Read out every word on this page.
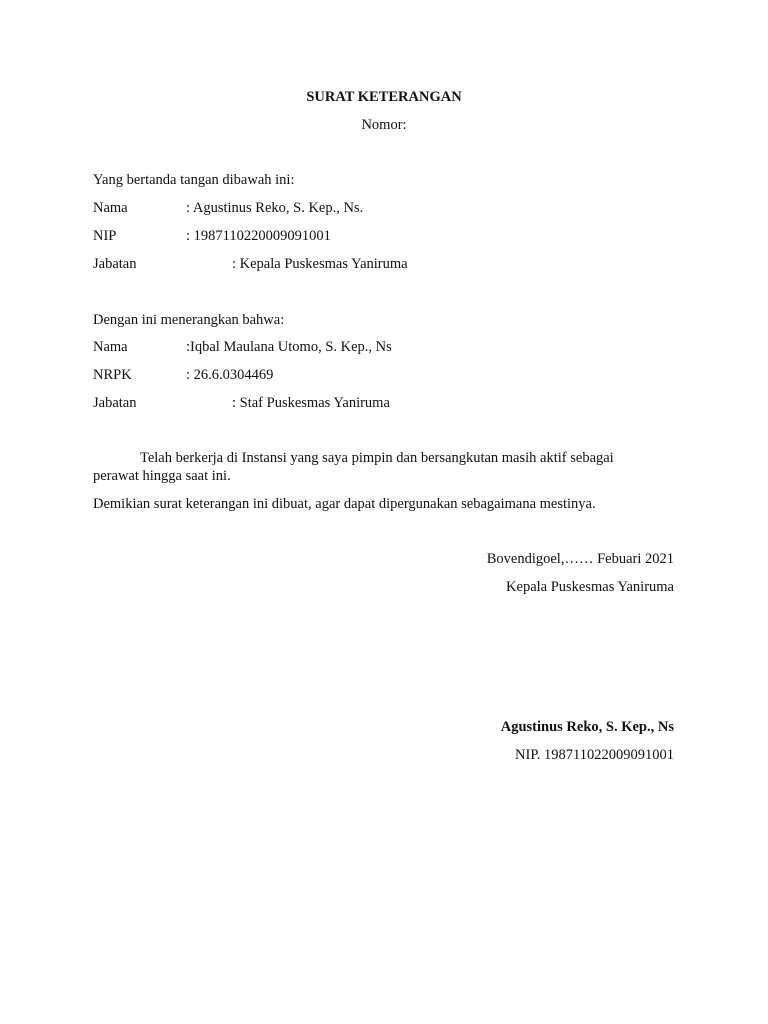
SURAT KETERANGAN
Nomor:
Yang bertanda tangan dibawah ini:
Nama	: Agustinus Reko, S. Kep., Ns.
NIP	: 1987110220009091001
Jabatan	: Kepala Puskesmas Yaniruma
Dengan ini menerangkan bahwa:
Nama	:Iqbal Maulana Utomo, S. Kep., Ns
NRPK	: 26.6.0304469
Jabatan	: Staf Puskesmas Yaniruma
Telah berkerja di Instansi yang saya pimpin dan bersangkutan masih aktif sebagai
perawat hingga saat ini.
Demikian surat keterangan ini dibuat, agar dapat dipergunakan sebagaimana mestinya.
Bovendigoel,…… Febuari 2021
Kepala Puskesmas Yaniruma
Agustinus Reko, S. Kep., Ns
NIP. 198711022009091001
